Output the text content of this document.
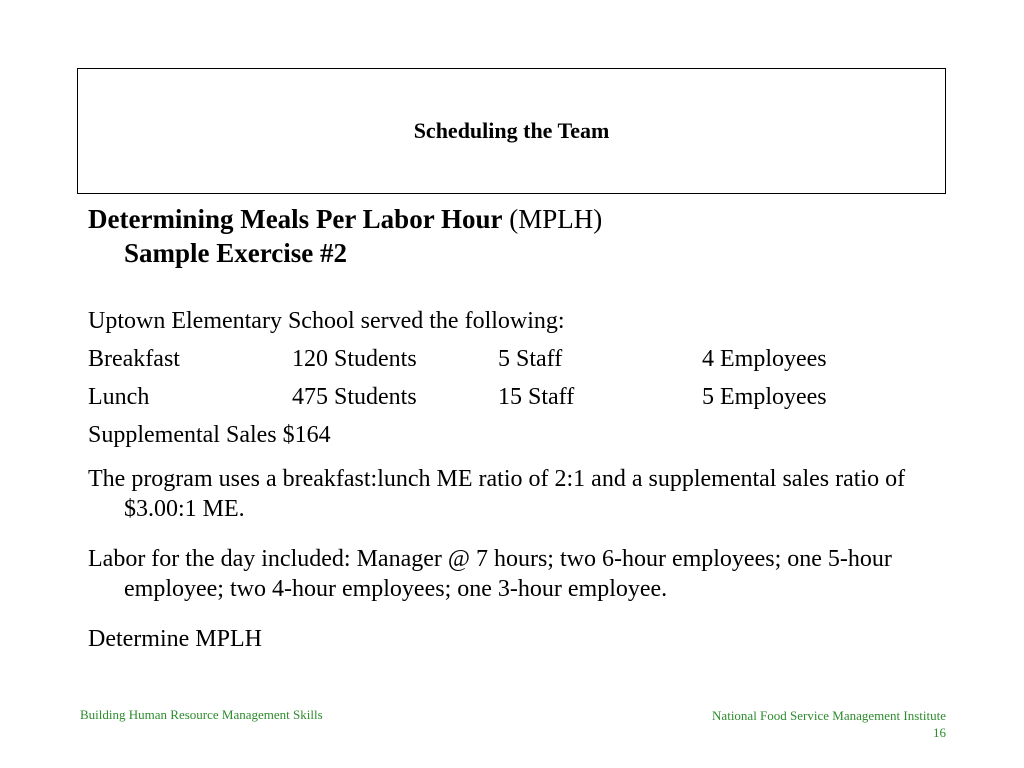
Scheduling the Team

Determining Meals Per Labor Hour (MPLH)
Sample Exercise #2

Uptown Elementary School served the following:

Breakfast	120 Students	5 Staff	4 Employees
Lunch	475 Students	15 Staff	5 Employees

Supplemental Sales $164

The program uses a breakfast:lunch ME ratio of 2:1 and a supplemental sales ratio of $3.00:1 ME.

Labor for the day included: Manager @ 7 hours; two 6-hour employees; one 5-hour employee; two 4-hour employees; one 3-hour employee.

Determine MPLH

Building Human Resource Management Skills	National Food Service Management Institute
16
